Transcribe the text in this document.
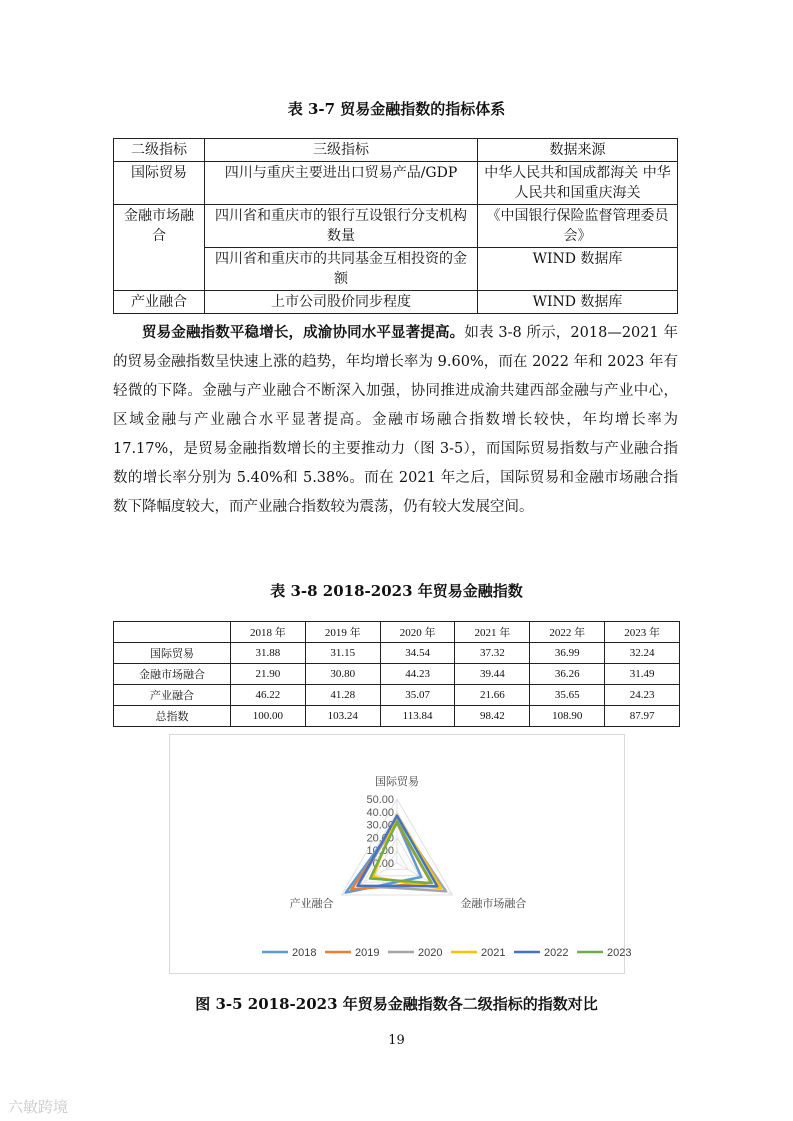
表 3-7 贸易金融指数的指标体系
二级指标	三级指标	数据来源
国际贸易	四川与重庆主要进出口贸易产品/GDP	中华人民共和国成都海关 中华人民共和国重庆海关
金融市场融合	四川省和重庆市的银行互设银行分支机构数量	《中国银行保险监督管理委员会》
	四川省和重庆市的共同基金互相投资的金额	WIND 数据库
产业融合	上市公司股价同步程度	WIND 数据库

贸易金融指数平稳增长，成渝协同水平显著提高。如表 3-8 所示，2018—2021 年的贸易金融指数呈快速上涨的趋势，年均增长率为 9.60%，而在 2022 年和 2023 年有轻微的下降。金融与产业融合不断深入加强，协同推进成渝共建西部金融与产业中心，区域金融与产业融合水平显著提高。金融市场融合指数增长较快，年均增长率为 17.17%，是贸易金融指数增长的主要推动力（图 3-5），而国际贸易指数与产业融合指数的增长率分别为 5.40%和 5.38%。而在 2021 年之后，国际贸易和金融市场融合指数下降幅度较大，而产业融合指数较为震荡，仍有较大发展空间。

表 3-8 2018-2023 年贸易金融指数
	2018 年	2019 年	2020 年	2021 年	2022 年	2023 年
国际贸易	31.88	31.15	34.54	37.32	36.99	32.24
金融市场融合	21.90	30.80	44.23	39.44	36.26	31.49
产业融合	46.22	41.28	35.07	21.66	35.65	24.23
总指数	100.00	103.24	113.84	98.42	108.90	87.97
0.00
10.00
20.00
30.00
40.00
50.00
国际贸易
金融市场融合
产业融合
2018	2019	2020	2021	2022	2023
图 3-5 2018-2023 年贸易金融指数各二级指标的指数对比
19
六敏跨境
